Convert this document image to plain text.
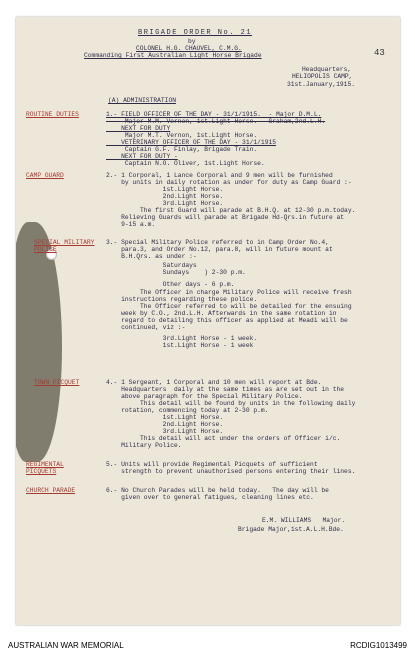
BRIGADE ORDER No. 21

by

COLONEL H.G. CHAUVEL, C.M.G.

Commanding First Australian Light Horse Brigade	43

Headquarters,

HELIOPOLIS CAMP,

31st.January,1915.

(A) ADMINISTRATION

ROUTINE DUTIES

CAMP GUARD

SPECIAL MILITARY

POLICE

TOWN PICQUET

REGIMENTAL

PICQUETS

CHURCH PARADE

1.- FIELD OFFICER OF THE DAY - 31/1/1915.  - Major D.M.L.

Major M.M. Vernon, 1st.Light Horse.   Graham,2nd.L.H.

NEXT FOR DUTY

Major M.T. Vernon, 1st.Light Horse.

VETERINARY OFFICER OF THE DAY - 31/1/1915

Captain G.F. Finlay, Brigade Train.

NEXT FOR DUTY -

Captain N.O. Oliver, 1st.Light Horse.

2.- 1 Corporal, 1 Lance Corporal and 9 men will be furnished

by units in daily rotation as under for duty as Camp Guard :-

1st.Light Horse.

2nd.Light Horse.

3rd.Light Horse.

The first Guard will parade at B.H.Q. at 12-30 p.m.today.

Relieving Guards will parade at Brigade Hd-Qrs.in future at

9-15 a.m.

3.- Special Military Police referred to in Camp Order No.4,

para.3, and Order No.12, para.8, will in future mount at

B.H.Qrs. as under :-

Saturdays

Sundays    ) 2-30 p.m.

Other days - 6 p.m.

The Officer in charge Military Police will receive fresh

instructions regarding these police.

The Officer referred to will be detailed for the ensuing

week by C.O., 2nd.L.H. Afterwards in the same rotation in

regard to detailing this officer as applied at Meadi will be

continued, viz :-

3rd.Light Horse - 1 week.

1st.Light Horse - 1 week

4.- 1 Sergeant, 1 Corporal and 10 men will report at Bde.

Headquarters  daily at the same times as are set out in the

above paragraph for the Special Military Police.

This detail will be found by units in the following daily

rotation, commencing today at 2-30 p.m.

1st.Light Horse.

2nd.Light Horse.

3rd.Light Horse.

This detail will act under the orders of Officer i/c.

Military Police.

5.- Units will provide Regimental Picquets of sufficient

strength to prevent unauthorised persons entering their lines.

6.- No Church Parades will be held today.   The day will be

given over to general fatigues, cleaning lines etc.

E.M. WILLIAMS   Major.

Brigade Major,1st.A.L.H.Bde.

AUSTRALIAN WAR MEMORIAL	RCDIG1013499
